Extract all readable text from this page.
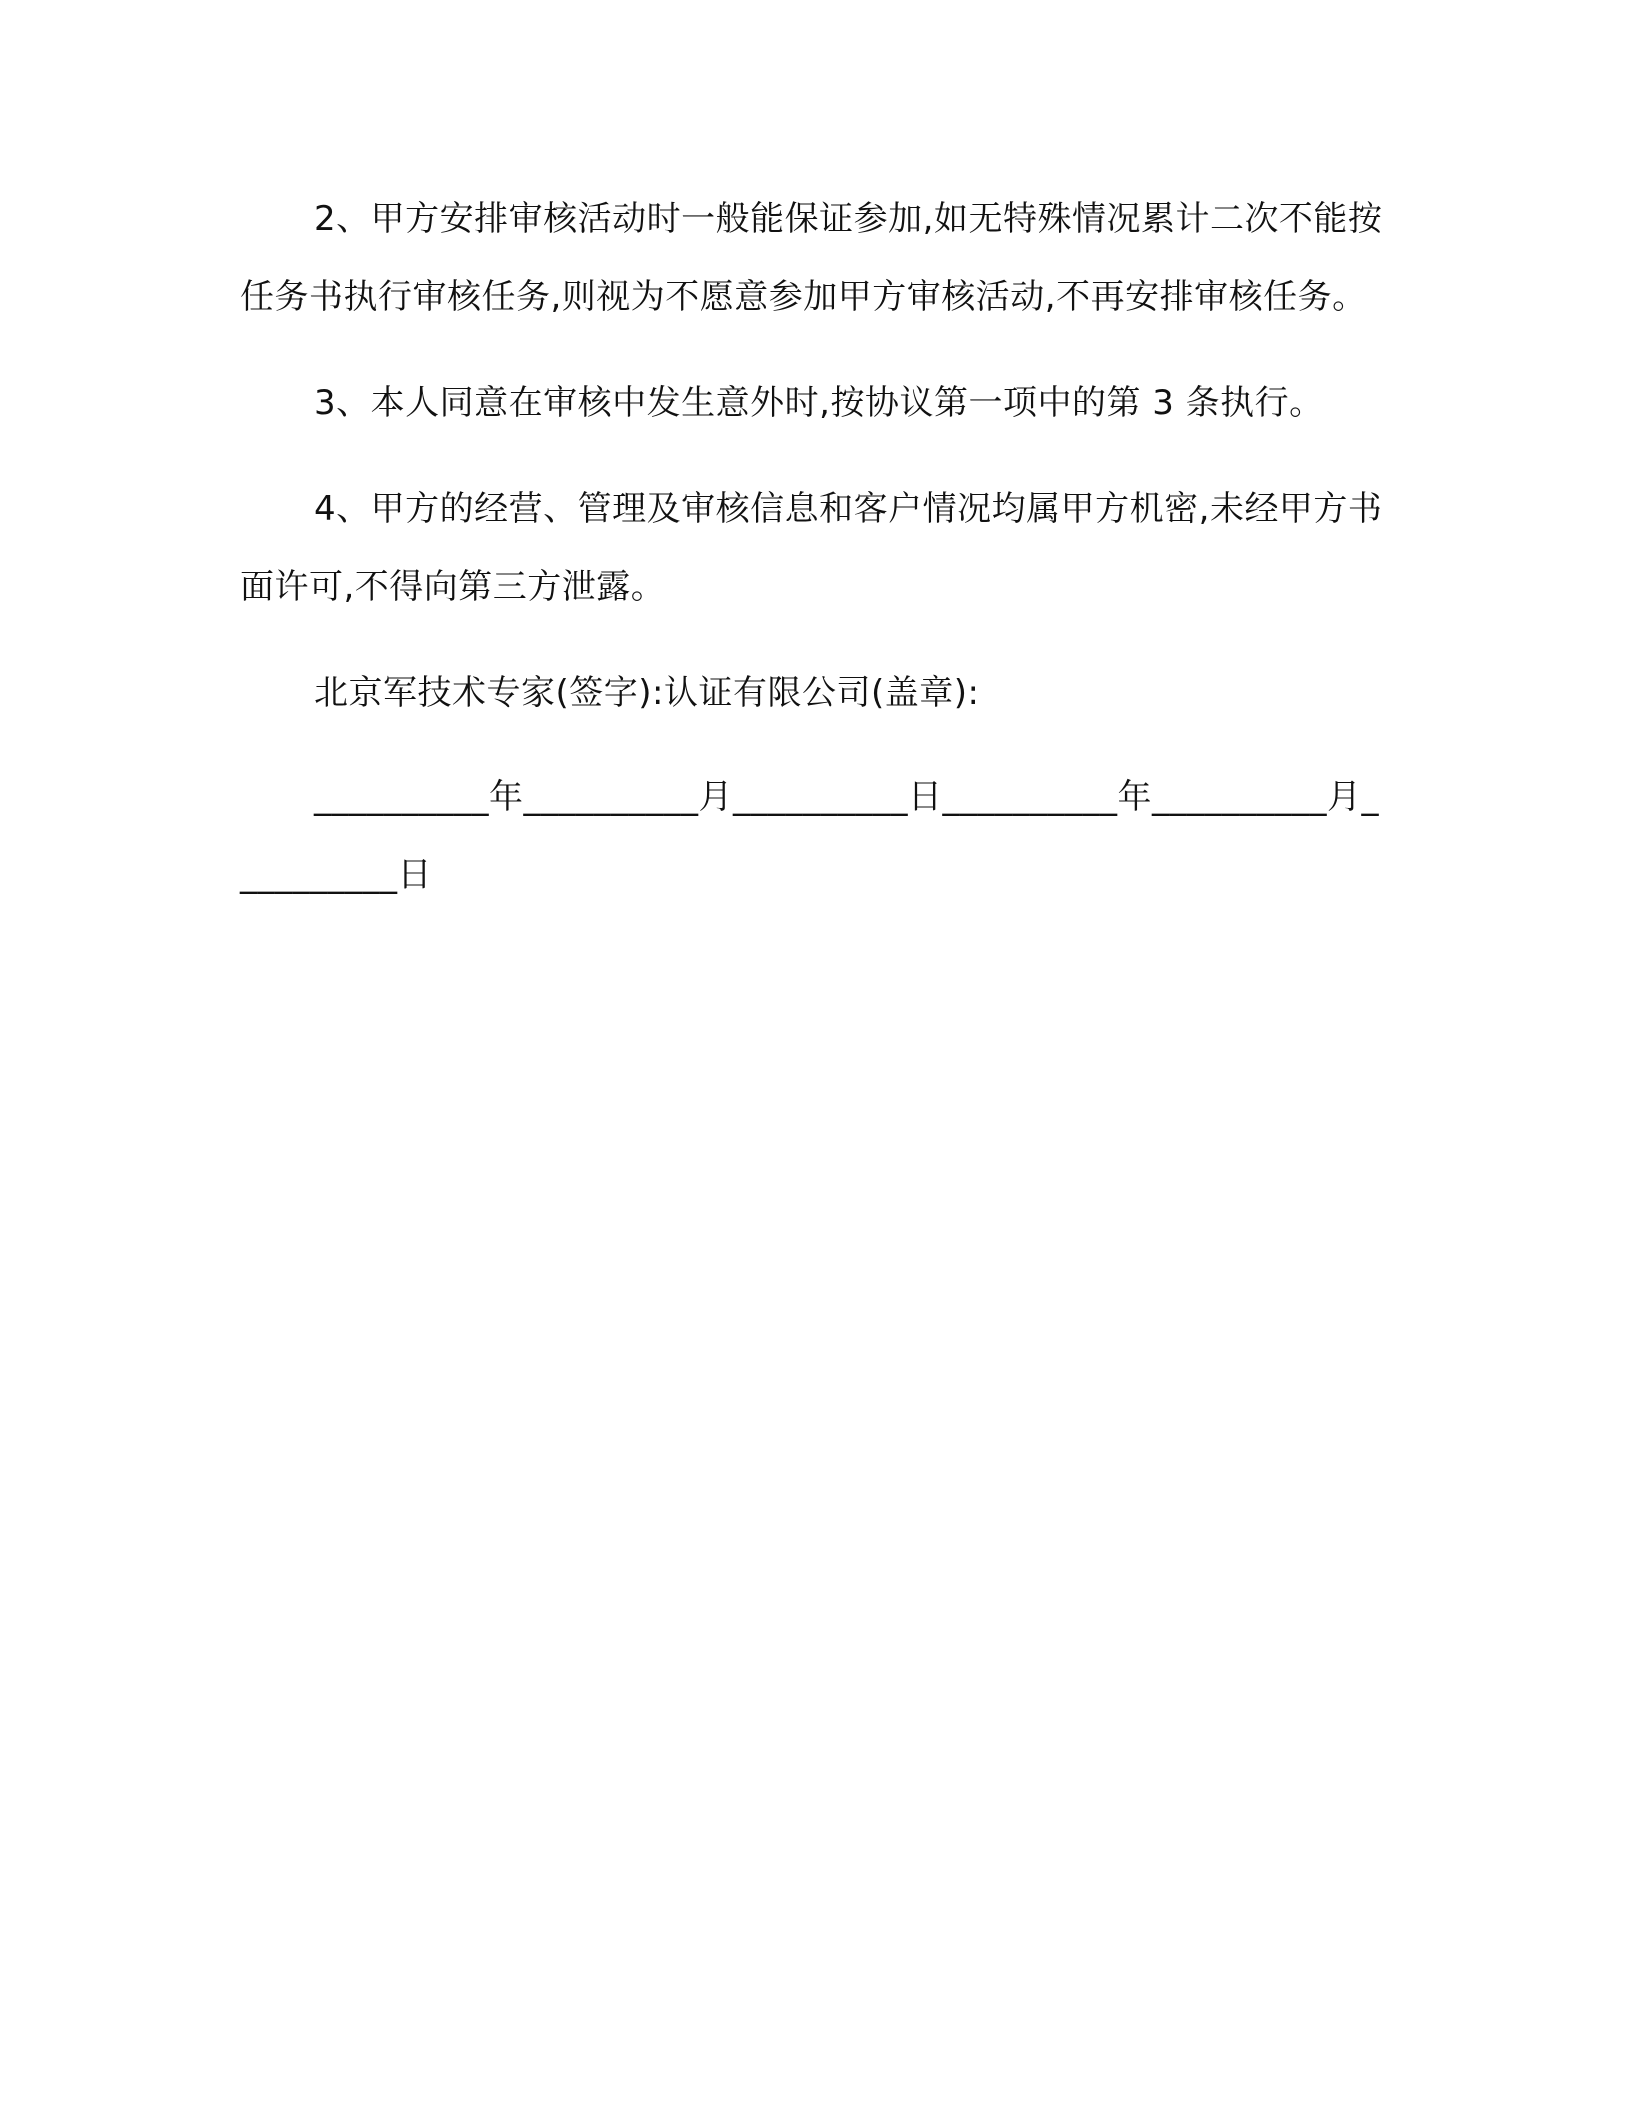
2、甲方安排审核活动时一般能保证参加,如无特殊情况累计二次不能按任务书执行审核任务,则视为不愿意参加甲方审核活动,不再安排审核任务。

3、本人同意在审核中发生意外时,按协议第一项中的第 3 条执行。

4、甲方的经营、管理及审核信息和客户情况均属甲方机密,未经甲方书面许可,不得向第三方泄露。

北京军技术专家(签字):认证有限公司(盖章):

__________年__________月__________日__________年__________月__________日
